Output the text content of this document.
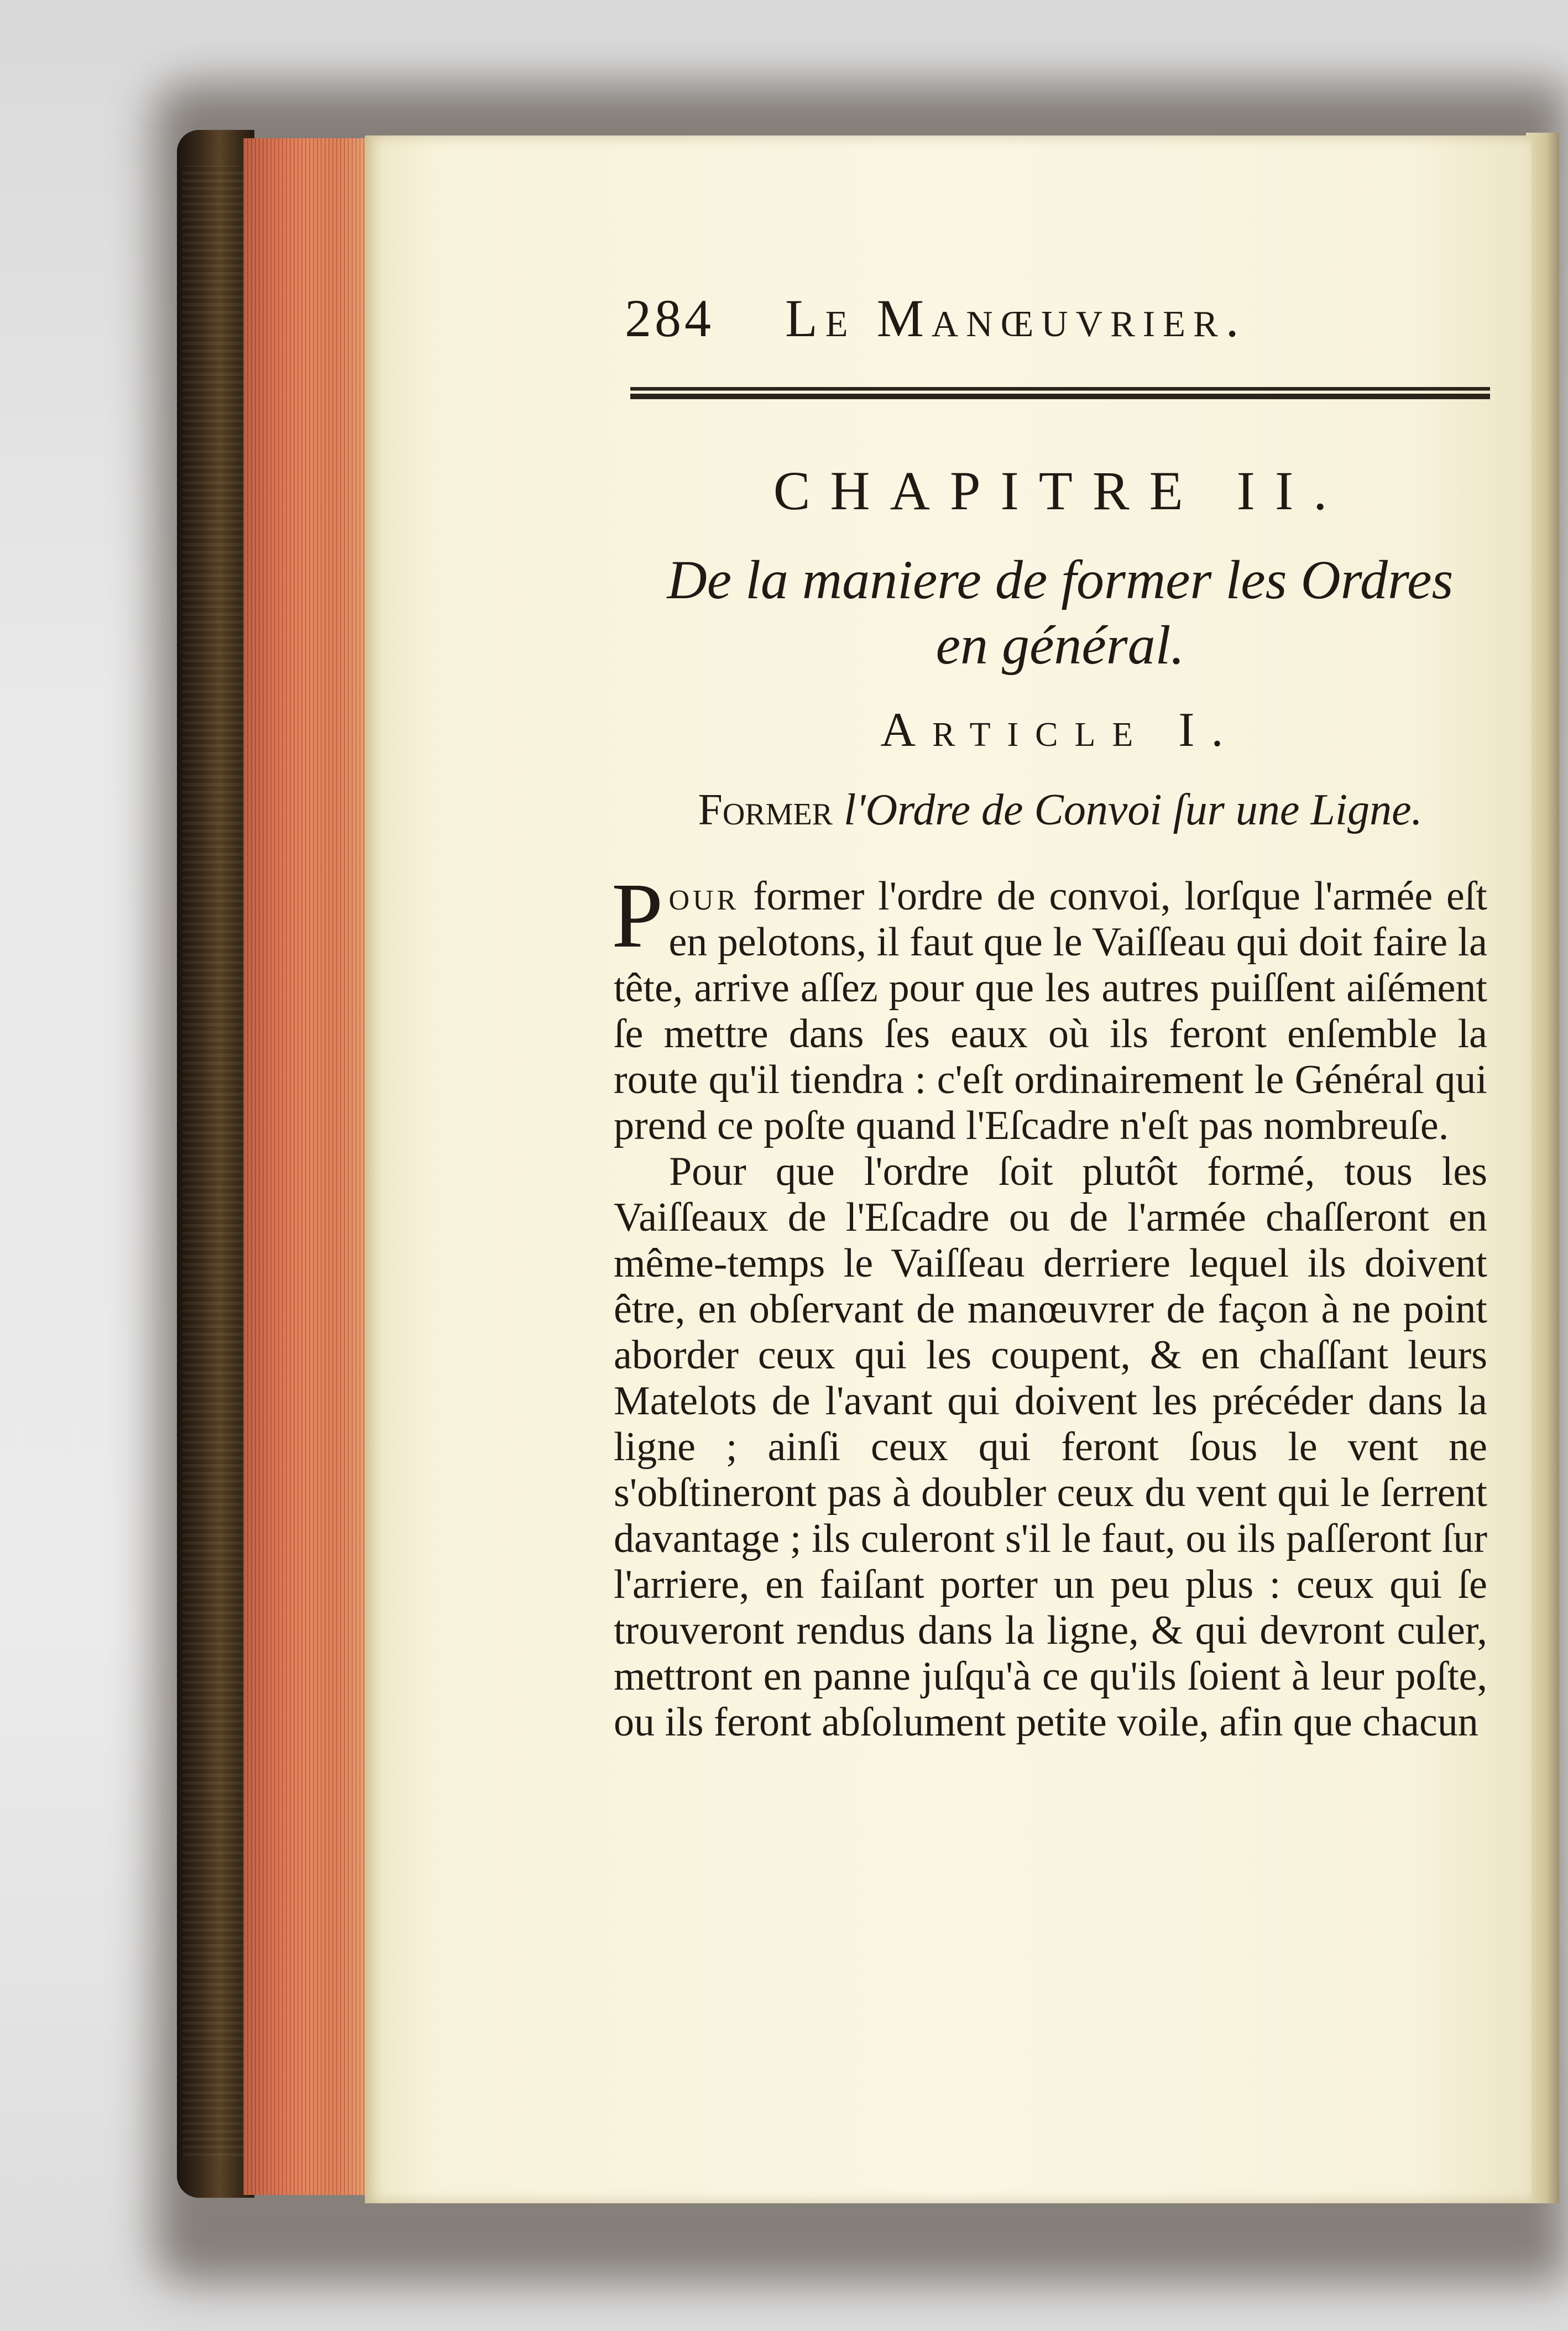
284 Le Manœuvrier.
CHAPITRE II.
De la maniere de former les Ordres
en général.
Article I.
Former l'Ordre de Convoi ſur une Ligne.

Pour former l'ordre de convoi, lorſque l'armée eſt en pelotons, il faut que le Vaiſſeau qui doit faire la tête, arrive aſſez pour que les autres puiſſent aiſément ſe mettre dans ſes eaux où ils feront enſemble la route qu'il tiendra : c'eſt ordinairement le Général qui prend ce poſte quand l'Eſcadre n'eſt pas nombreuſe.

Pour que l'ordre ſoit plutôt formé, tous les Vaiſſeaux de l'Eſcadre ou de l'armée chaſſeront en même-temps le Vaiſſeau derriere lequel ils doivent être, en obſervant de manœuvrer de façon à ne point aborder ceux qui les coupent, & en chaſſant leurs Matelots de l'avant qui doivent les précéder dans la ligne ; ainſi ceux qui feront ſous le vent ne s'obſtineront pas à doubler ceux du vent qui le ſerrent davantage ; ils culeront s'il le faut, ou ils paſſeront ſur l'arriere, en faiſant porter un peu plus : ceux qui ſe trouveront rendus dans la ligne, & qui devront culer, mettront en panne juſqu'à ce qu'ils ſoient à leur poſte, ou ils feront abſolument petite voile, afin que chacun
